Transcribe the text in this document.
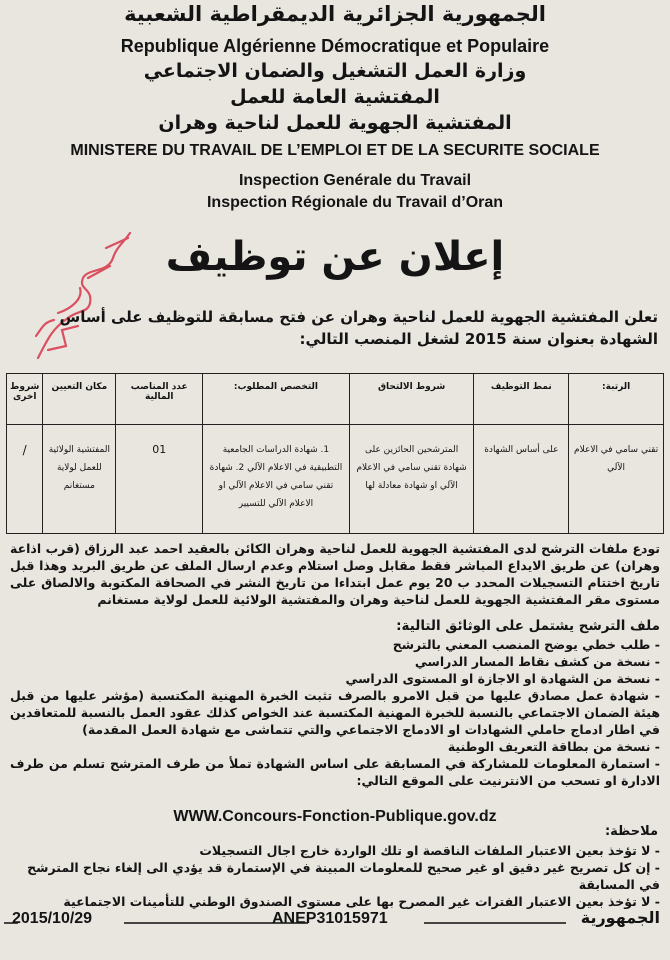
الجمهورية الجزائرية الديمقراطية الشعبية
Republique Algérienne Démocratique et Populaire
وزارة العمل التشغيل والضمان الاجتماعي
المفتشية العامة للعمل
المفتشية الجهوية للعمل لناحية وهران
MINISTERE DU TRAVAIL DE L’EMPLOI ET DE LA SECURITE SOCIALE
Inspection Genérale du Travail
Inspection Régionale du Travail d’Oran
إعلان عن توظيف
تعلن المفتشية الجهوية للعمل لناحية وهران عن فتح مسابقة للتوظيف على أساس الشهادة بعنوان سنة 2015 لشغل المنصب التالي:
الرتبة:	نمط التوظيف	شروط الالتحاق	التخصص المطلوب:	عدد المناصب المالية	مكان التعيين	شروط اخرى
تقني سامي في الاعلام الآلي	على أساس الشهادة	المترشحين الحائزين على شهادة تقني سامي في الاعلام الآلي او شهادة معادلة لها	1. شهادة الدراسات الجامعية التطبيقية في الاعلام الآلي 2. شهادة تقني سامي في الاعلام الآلي او الاعلام الآلي للتسيير	01	المفتشية الولائية للعمل لولاية مستغانم	/
تودع ملفات الترشح لدى المفتشية الجهوية للعمل لناحية وهران الكائن بالعقيد احمد عبد الرزاق (قرب اذاعة وهران) عن طريق الايداع المباشر فقط مقابل وصل استلام وعدم ارسال الملف عن طريق البريد وهذا قبل تاريخ اختتام التسجيلات المحدد ب 20 يوم عمل ابتداءا من تاريخ النشر في الصحافة المكتوبة والالصاق على مستوى مقر المفتشية الجهوية للعمل لناحية وهران والمفتشية الولائية للعمل لولاية مستغانم
ملف الترشح يشتمل على الوثائق التالية:
- طلب خطي يوضح المنصب المعني بالترشح
- نسخة من كشف نقاط المسار الدراسي
- نسخة من الشهادة او الاجازة او المستوى الدراسي
- شهادة عمل مصادق عليها من قبل الامرو بالصرف تثبت الخبرة المهنية المكتسبة (مؤشر عليها من قبل هيئة الضمان الاجتماعي بالنسبة للخبرة المهنية المكتسبة عند الخواص كذلك عقود العمل بالنسبة للمتعاقدين في اطار ادماج حاملي الشهادات او الادماج الاجتماعي والتي تتماشى مع شهادة العمل المقدمة)
- نسخة من بطاقة التعريف الوطنية
- استمارة المعلومات للمشاركة في المسابقة على اساس الشهادة تملأ من طرف المترشح تسلم من طرف الادارة او تسحب من الانترنيت على الموقع التالي:
WWW.Concours-Fonction-Publique.gov.dz
ملاحظة:
- لا تؤخذ بعين الاعتبار الملفات الناقصة او تلك الواردة خارج اجال التسجيلات
- إن كل تصريح غير دقيق او غير صحيح للمعلومات المبينة في الإستمارة قد يؤدي الى إلغاء نجاح المترشح في المسابقة
- لا تؤخذ بعين الاعتبار الفترات غير المصرح بها على مستوى الصندوق الوطني للتأمينات الاجتماعية
2015/10/29	ANEP31015971	الجمهورية
